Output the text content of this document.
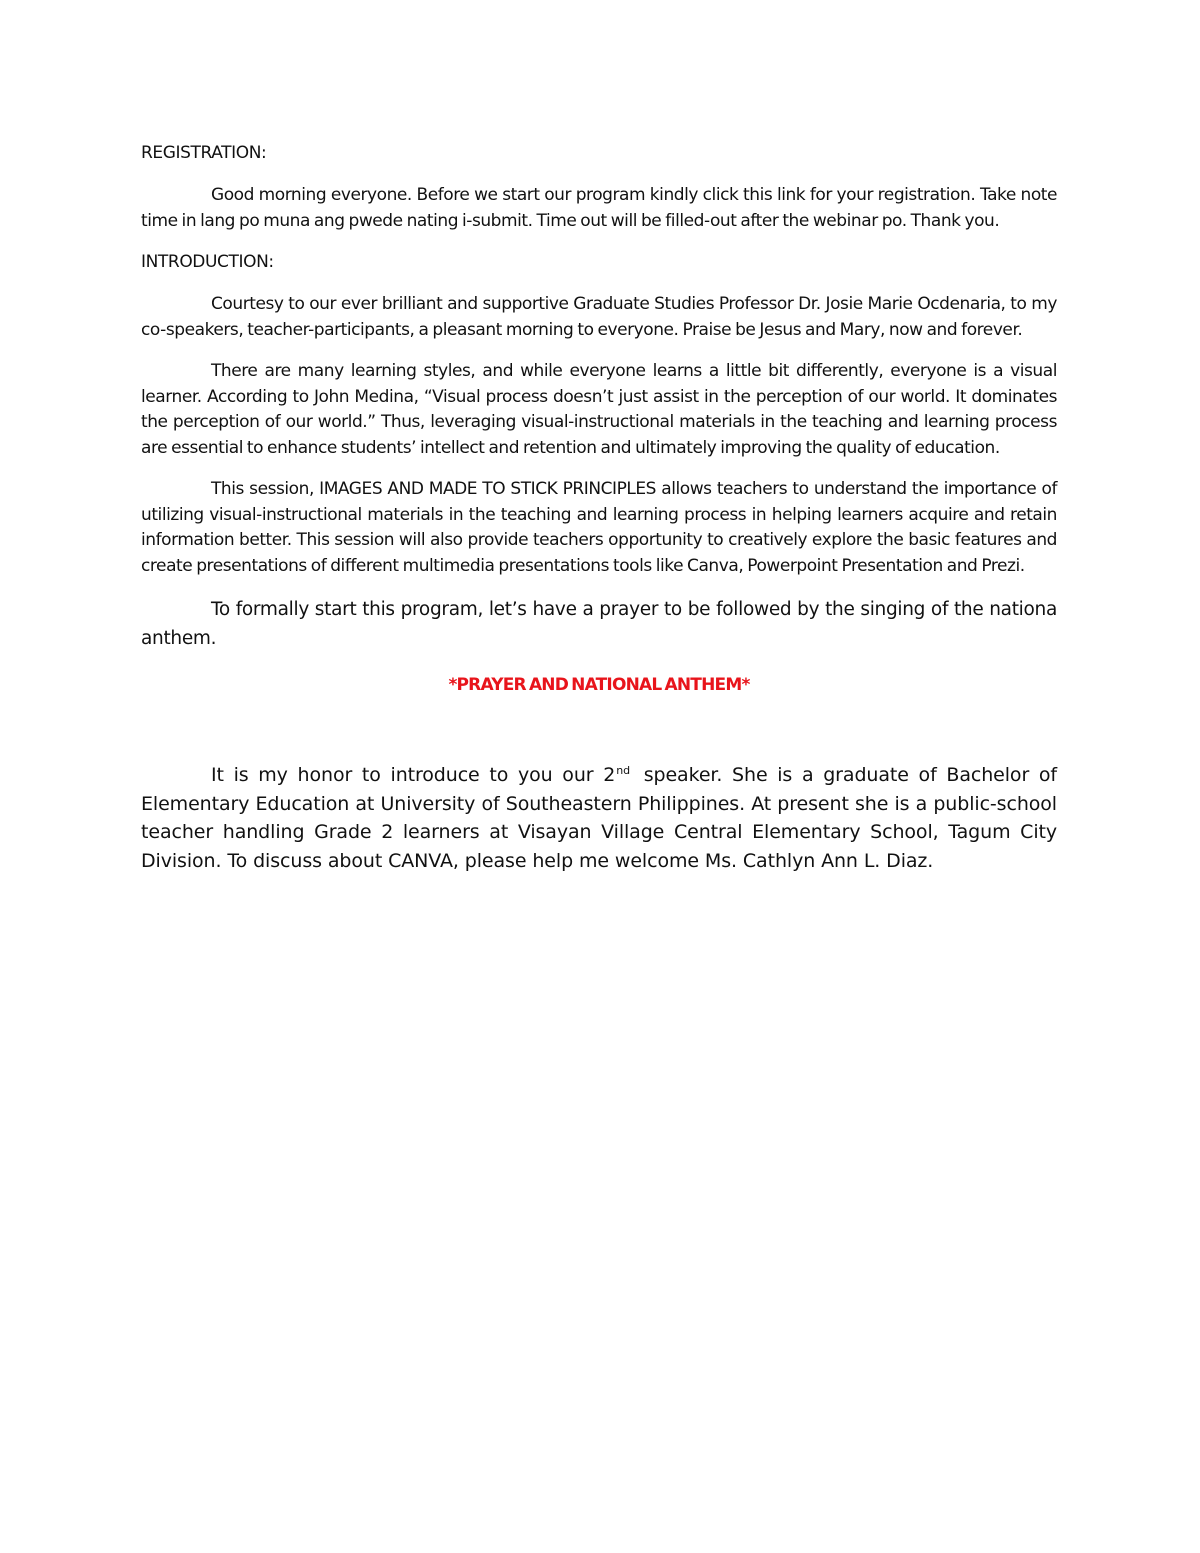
REGISTRATION:

Good morning everyone. Before we start our program kindly click this link for your registration. Take note time in lang po muna ang pwede nating i-submit. Time out will be filled-out after the webinar po. Thank you.

INTRODUCTION:

Courtesy to our ever brilliant and supportive Graduate Studies Professor Dr. Josie Marie Ocdenaria, to my co-speakers, teacher-participants, a pleasant morning to everyone. Praise be Jesus and Mary, now and forever.

There are many learning styles, and while everyone learns a little bit differently, everyone is a visual learner. According to John Medina, “Visual process doesn’t just assist in the perception of our world. It dominates the perception of our world.” Thus, leveraging visual-instructional materials in the teaching and learning process are essential to enhance students’ intellect and retention and ultimately improving the quality of education.

This session, IMAGES AND MADE TO STICK PRINCIPLES allows teachers to understand the importance of utilizing visual-instructional materials in the teaching and learning process in helping learners acquire and retain information better. This session will also provide teachers opportunity to creatively explore the basic features and create presentations of different multimedia presentations tools like Canva, Powerpoint Presentation and Prezi.

To formally start this program, let’s have a prayer to be followed by the singing of the nationa anthem.

*PRAYER AND NATIONAL ANTHEM*

It is my honor to introduce to you our 2nd speaker. She is a graduate of Bachelor of Elementary Education at University of Southeastern Philippines. At present she is a public-school teacher handling Grade 2 learners at Visayan Village Central Elementary School, Tagum City Division. To discuss about CANVA, please help me welcome Ms. Cathlyn Ann L. Diaz.
